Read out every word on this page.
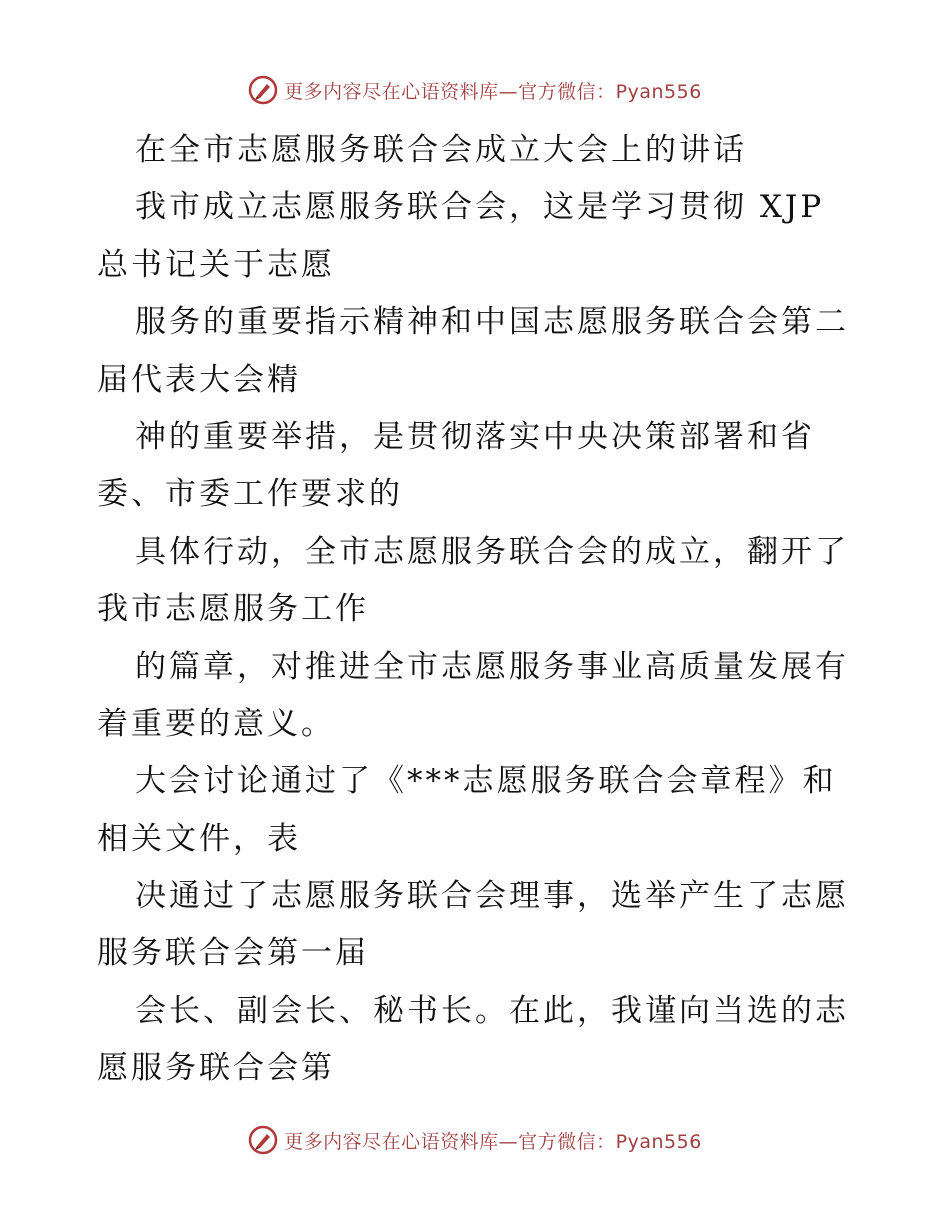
更多内容尽在心语资料库—官方微信：Pyan556
在全市志愿服务联合会成立大会上的讲话
我市成立志愿服务联合会，这是学习贯彻 XJP
总书记关于志愿
服务的重要指示精神和中国志愿服务联合会第二
届代表大会精
神的重要举措，是贯彻落实中央决策部署和省
委、市委工作要求的
具体行动，全市志愿服务联合会的成立，翻开了
我市志愿服务工作
的篇章，对推进全市志愿服务事业高质量发展有
着重要的意义。
大会讨论通过了《***志愿服务联合会章程》和
相关文件，表
决通过了志愿服务联合会理事，选举产生了志愿
服务联合会第一届
会长、副会长、秘书长。在此，我谨向当选的志
愿服务联合会第
更多内容尽在心语资料库—官方微信：Pyan556
